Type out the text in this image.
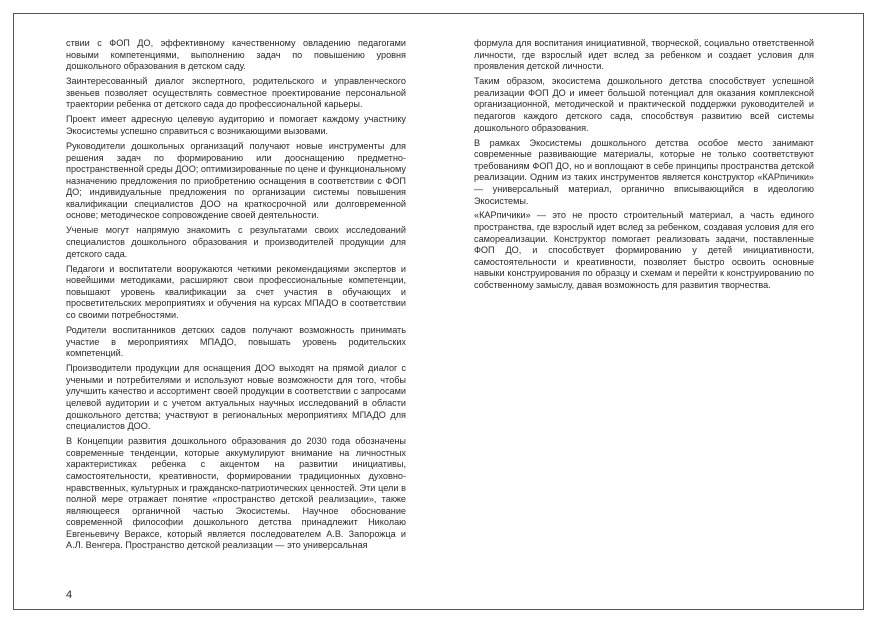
ствии с ФОП ДО, эффективному качественному овладению педагогами новыми компетенциями, выполнению задач по повышению уровня дошкольного образования в детском саду.

Заинтересованный диалог экспертного, родительского и управленческого звеньев позволяет осуществлять совместное проектирование персональной траектории ребенка от детского сада до профессиональной карьеры.

Проект имеет адресную целевую аудиторию и помогает каждому участнику Экосистемы успешно справиться с возникающими вызовами.

Руководители дошкольных организаций получают новые инструменты для решения задач по формированию или дооснащению предметно-пространственной среды ДОО; оптимизированные по цене и функциональному назначению предложения по приобретению оснащения в соответствии с ФОП ДО; индивидуальные предложения по организации системы повышения квалификации специалистов ДОО на краткосрочной или долговременной основе; методическое сопровождение своей деятельности.

Ученые могут напрямую знакомить с результатами своих исследований специалистов дошкольного образования и производителей продукции для детского сада.

Педагоги и воспитатели вооружаются четкими рекомендациями экспертов и новейшими методиками, расширяют свои профессиональные компетенции, повышают уровень квалификации за счет участия в обучающих и просветительских мероприятиях и обучения на курсах МПАДО в соответствии со своими потребностями.

Родители воспитанников детских садов получают возможность принимать участие в мероприятиях МПАДО, повышать уровень родительских компетенций.

Производители продукции для оснащения ДОО выходят на прямой диалог с учеными и потребителями и используют новые возможности для того, чтобы улучшить качество и ассортимент своей продукции в соответствии с запросами целевой аудитории и с учетом актуальных научных исследований в области дошкольного детства; участвуют в региональных мероприятиях МПАДО для специалистов ДОО.

В Концепции развития дошкольного образования до 2030 года обозначены современные тенденции, которые аккумулируют внимание на личностных характеристиках ребенка с акцентом на развитии инициативы, самостоятельности, креативности, формировании традиционных духовно-нравственных, культурных и гражданско-патриотических ценностей. Эти цели в полной мере отражает понятие «пространство детской реализации», также являющееся органичной частью Экосистемы. Научное обоснование современной философии дошкольного детства принадлежит Николаю Евгеньевичу Вераксе, который является последователем А.В. Запорожца и А.Л. Венгера. Пространство детской реализации — это универсальная

формула для воспитания инициативной, творческой, социально ответственной личности, где взрослый идет вслед за ребенком и создает условия для проявления детской личности.

Таким образом, экосистема дошкольного детства способствует успешной реализации ФОП ДО и имеет большой потенциал для оказания комплексной организационной, методической и практической поддержки руководителей и педагогов каждого детского сада, способствуя развитию всей системы дошкольного образования.

В рамках Экосистемы дошкольного детства особое место занимают современные развивающие материалы, которые не только соответствуют требованиям ФОП ДО, но и воплощают в себе принципы пространства детской реализации. Одним из таких инструментов является конструктор «КАРпичики» — универсальный материал, органично вписывающийся в идеологию Экосистемы.

«КАРпичики» — это не просто строительный материал, а часть единого пространства, где взрослый идет вслед за ребенком, создавая условия для его самореализации. Конструктор помогает реализовать задачи, поставленные ФОП ДО, и способствует формированию у детей инициативности, самостоятельности и креативности, позволяет быстро освоить основные навыки конструирования по образцу и схемам и перейти к конструированию по собственному замыслу, давая возможность для развития творчества.

4
